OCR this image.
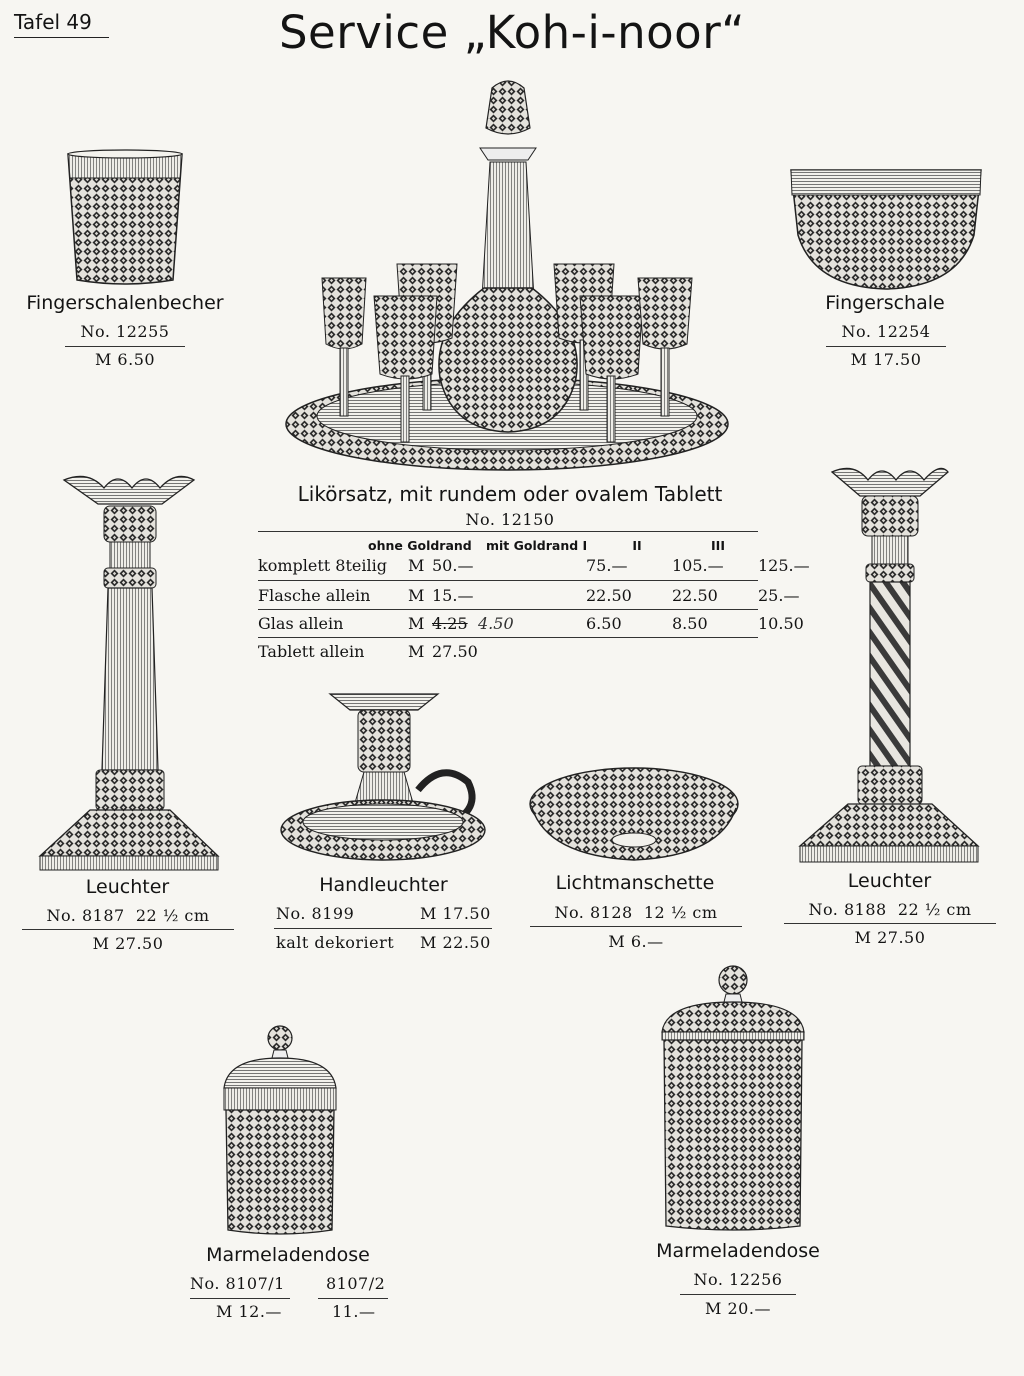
Tafel 49	Service „Koh-i-noor“
Fingerschalenbecher
No. 12255
M 6.50
Fingerschale
No. 12254
M 17.50
Likörsatz, mit rundem oder ovalem Tablett
No. 12150
ohne Goldrand	mit Goldrand I	II	III
komplett 8teilig	M 50.—	75.—	105.—	125.—
Flasche allein	M 15.—	22.50	22.50	25.—
Glas allein	M 4.25 4.50	6.50	8.50	10.50
Tablett allein	M 27.50
Leuchter
No. 8187 22 ½ cm
M 27.50
Handleuchter
No. 8199	M 17.50
kalt dekoriert M 22.50
Lichtmanschette
No. 8128 12 ½ cm
M 6.—
Leuchter
No. 8188 22 ½ cm
M 27.50
Marmeladendose
No. 8107/1	8107/2
M 12.—	11.—
Marmeladendose
No. 12256
M 20.—
